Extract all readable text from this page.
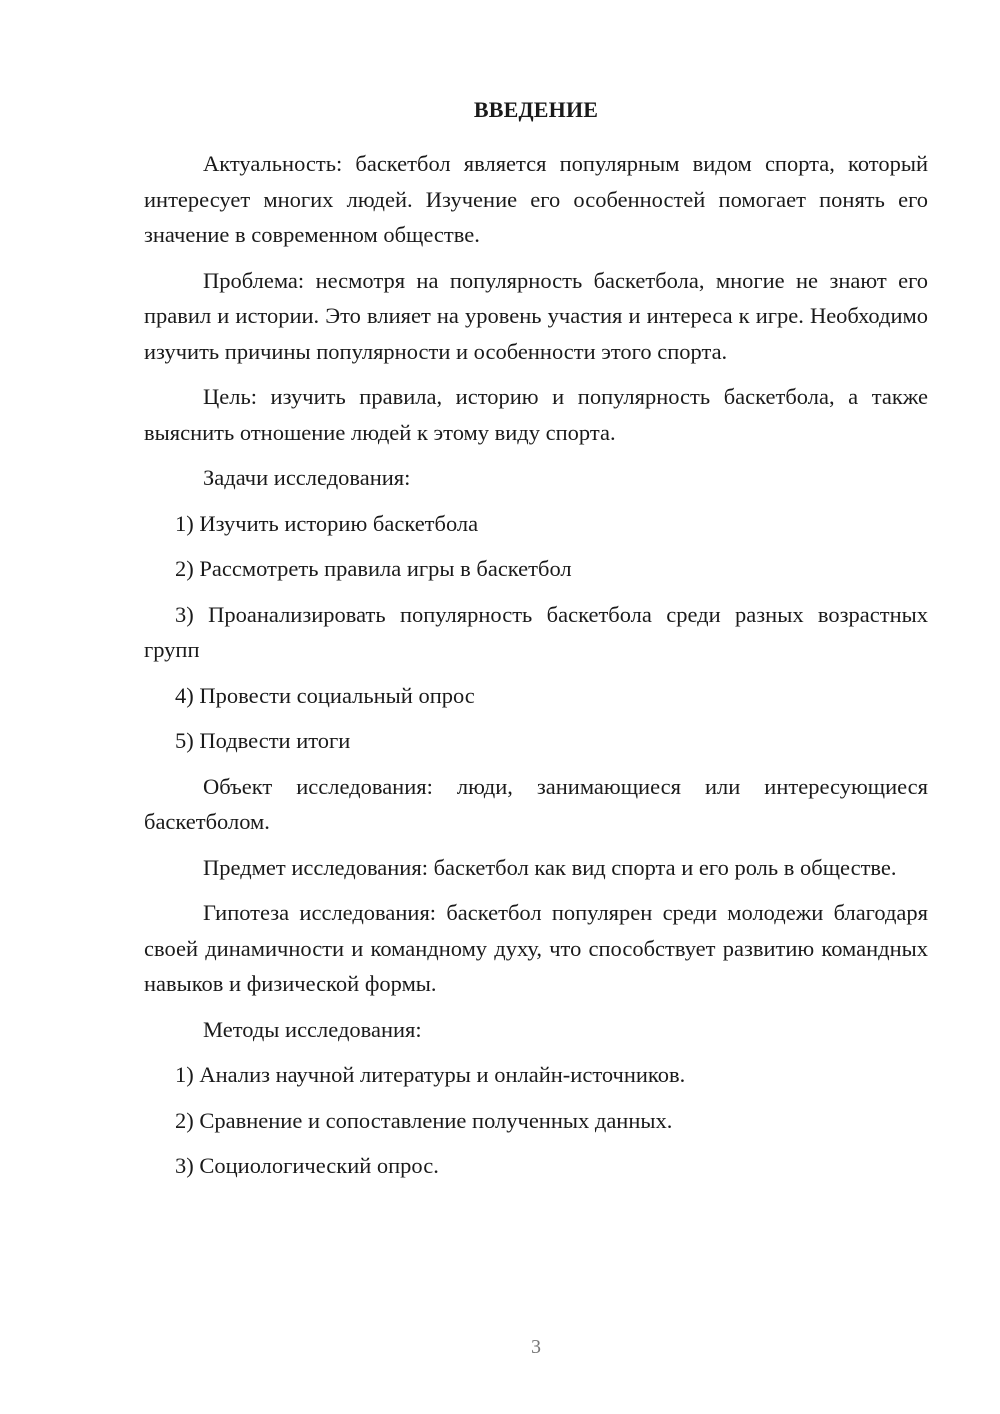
ВВЕДЕНИЕ

Актуальность: баскетбол является популярным видом спорта, который интересует многих людей. Изучение его особенностей помогает понять его значение в современном обществе.

Проблема: несмотря на популярность баскетбола, многие не знают его правил и истории. Это влияет на уровень участия и интереса к игре. Необходимо изучить причины популярности и особенности этого спорта.

Цель: изучить правила, историю и популярность баскетбола, а также выяснить отношение людей к этому виду спорта.

Задачи исследования:

1) Изучить историю баскетбола

2) Рассмотреть правила игры в баскетбол

3) Проанализировать популярность баскетбола среди разных возрастных групп

4) Провести социальный опрос

5) Подвести итоги

Объект исследования: люди, занимающиеся или интересующиеся баскетболом.

Предмет исследования: баскетбол как вид спорта и его роль в обществе.

Гипотеза исследования: баскетбол популярен среди молодежи благодаря своей динамичности и командному духу, что способствует развитию командных навыков и физической формы.

Методы исследования:

1) Анализ научной литературы и онлайн-источников.

2) Сравнение и сопоставление полученных данных.

3) Социологический опрос.

3
